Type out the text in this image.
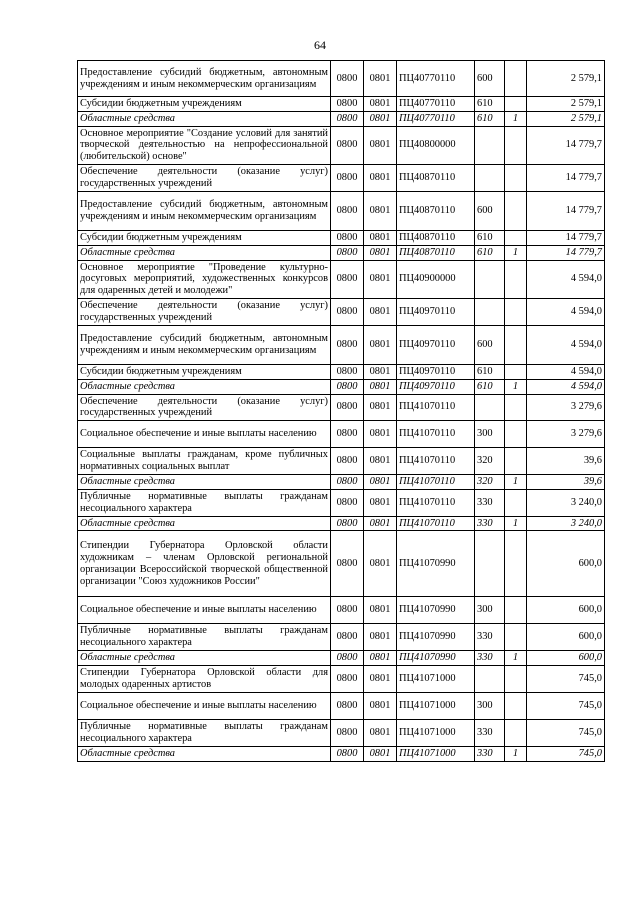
64
Предоставление субсидий бюджетным, автономным учреждениям и иным некоммерческим организациям	0800	0801	ПЦ40770110	600		2 579,1
Субсидии бюджетным учреждениям	0800	0801	ПЦ40770110	610		2 579,1
Областные средства	0800	0801	ПЦ40770110	610	1	2 579,1
Основное мероприятие "Создание условий для занятий творческой деятельностью на непрофессиональной (любительской) основе"	0800	0801	ПЦ40800000			14 779,7
Обеспечение деятельности (оказание услуг) государственных учреждений	0800	0801	ПЦ40870110			14 779,7
Предоставление субсидий бюджетным, автономным учреждениям и иным некоммерческим организациям	0800	0801	ПЦ40870110	600		14 779,7
Субсидии бюджетным учреждениям	0800	0801	ПЦ40870110	610		14 779,7
Областные средства	0800	0801	ПЦ40870110	610	1	14 779,7
Основное мероприятие "Проведение культурно-досуговых мероприятий, художественных конкурсов для одаренных детей и молодежи"	0800	0801	ПЦ40900000			4 594,0
Обеспечение деятельности (оказание услуг) государственных учреждений	0800	0801	ПЦ40970110			4 594,0
Предоставление субсидий бюджетным, автономным учреждениям и иным некоммерческим организациям	0800	0801	ПЦ40970110	600		4 594,0
Субсидии бюджетным учреждениям	0800	0801	ПЦ40970110	610		4 594,0
Областные средства	0800	0801	ПЦ40970110	610	1	4 594,0
Обеспечение деятельности (оказание услуг) государственных учреждений	0800	0801	ПЦ41070110			3 279,6
Социальное обеспечение и иные выплаты населению	0800	0801	ПЦ41070110	300		3 279,6
Социальные выплаты гражданам, кроме публичных нормативных социальных выплат	0800	0801	ПЦ41070110	320		39,6
Областные средства	0800	0801	ПЦ41070110	320	1	39,6
Публичные нормативные выплаты гражданам несоциального характера	0800	0801	ПЦ41070110	330		3 240,0
Областные средства	0800	0801	ПЦ41070110	330	1	3 240,0
Стипендии Губернатора Орловской области художникам – членам Орловской региональной организации Всероссийской творческой общественной организации "Союз художников России"	0800	0801	ПЦ41070990			600,0
Социальное обеспечение и иные выплаты населению	0800	0801	ПЦ41070990	300		600,0
Публичные нормативные выплаты гражданам несоциального характера	0800	0801	ПЦ41070990	330		600,0
Областные средства	0800	0801	ПЦ41070990	330	1	600,0
Стипендии Губернатора Орловской области для молодых одаренных артистов	0800	0801	ПЦ41071000			745,0
Социальное обеспечение и иные выплаты населению	0800	0801	ПЦ41071000	300		745,0
Публичные нормативные выплаты гражданам несоциального характера	0800	0801	ПЦ41071000	330		745,0
Областные средства	0800	0801	ПЦ41071000	330	1	745,0
